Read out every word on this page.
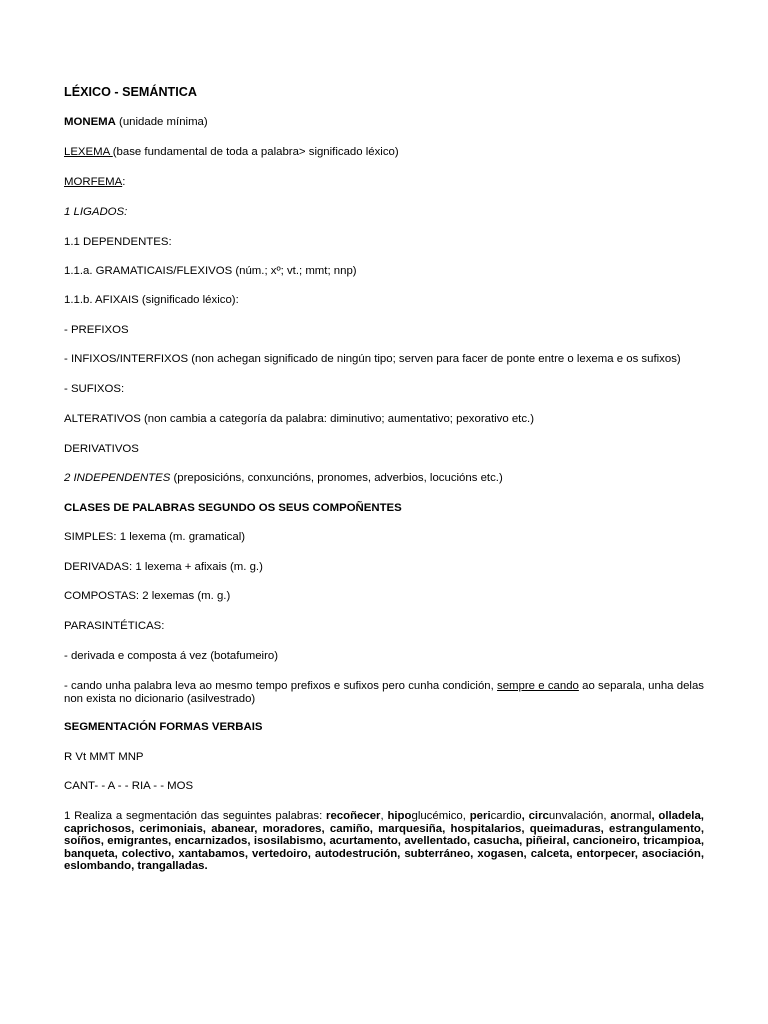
LÉXICO - SEMÁNTICA
MONEMA (unidade mínima)
LEXEMA (base fundamental de toda a palabra> significado léxico)
MORFEMA:
1 LIGADOS:
1.1 DEPENDENTES:
1.1.a. GRAMATICAIS/FLEXIVOS (núm.; xº; vt.; mmt; nnp)
1.1.b. AFIXAIS (significado léxico):
- PREFIXOS
- INFIXOS/INTERFIXOS (non achegan significado de ningún tipo; serven para facer de ponte entre o lexema e os sufixos)
- SUFIXOS:
ALTERATIVOS (non cambia a categoría da palabra: diminutivo; aumentativo; pexorativo etc.)
DERIVATIVOS
2 INDEPENDENTES (preposicións, conxuncións, pronomes, adverbios, locucións etc.)
CLASES DE PALABRAS SEGUNDO OS SEUS COMPOÑENTES
SIMPLES: 1 lexema (m. gramatical)
DERIVADAS: 1 lexema + afixais (m. g.)
COMPOSTAS: 2 lexemas (m. g.)
PARASINTÉTICAS:
- derivada e composta á vez (botafumeiro)
- cando unha palabra leva ao mesmo tempo prefixos e sufixos pero cunha condición, sempre e cando ao separala, unha delas non exista no dicionario (asilvestrado)
SEGMENTACIÓN FORMAS VERBAIS
R Vt MMT MNP
CANT- - A - - RIA - - MOS
1 Realiza a segmentación das seguintes palabras: recoñecer, hipoglucémico, pericardio, circunvalación, anormal, olladela, caprichosos, cerimoniais, abanear, moradores, camiño, marquesiña, hospitalarios, queimaduras, estrangulamento, soíños, emigrantes, encarnizados, isosilabismo, acurtamento, avellentado, casucha, piñeiral, cancioneiro, tricampioa, banqueta, colectivo, xantabamos, vertedoiro, autodestrución, subterráneo, xogasen, calceta, entorpecer, asociación, eslombando, trangalladas.
